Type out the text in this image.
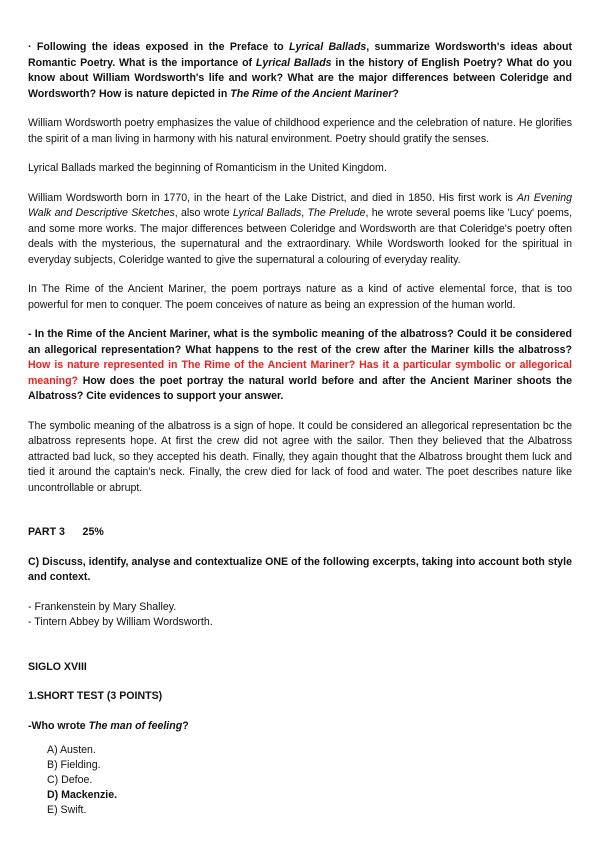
· Following the ideas exposed in the Preface to Lyrical Ballads, summarize Wordsworth's ideas about Romantic Poetry. What is the importance of Lyrical Ballads in the history of English Poetry? What do you know about William Wordsworth's life and work? What are the major differences between Coleridge and Wordsworth? How is nature depicted in The Rime of the Ancient Mariner?

William Wordsworth poetry emphasizes the value of childhood experience and the celebration of nature. He glorifies the spirit of a man living in harmony with his natural environment. Poetry should gratify the senses.

Lyrical Ballads marked the beginning of Romanticism in the United Kingdom.

William Wordsworth born in 1770, in the heart of the Lake District, and died in 1850. His first work is An Evening Walk and Descriptive Sketches, also wrote Lyrical Ballads, The Prelude, he wrote several poems like 'Lucy' poems, and some more works. The major differences between Coleridge and Wordsworth are that Coleridge's poetry often deals with the mysterious, the supernatural and the extraordinary. While Wordsworth looked for the spiritual in everyday subjects, Coleridge wanted to give the supernatural a colouring of everyday reality.

In The Rime of the Ancient Mariner, the poem portrays nature as a kind of active elemental force, that is too powerful for men to conquer. The poem conceives of nature as being an expression of the human world.

- In the Rime of the Ancient Mariner, what is the symbolic meaning of the albatross? Could it be considered an allegorical representation? What happens to the rest of the crew after the Mariner kills the albatross? How is nature represented in The Rime of the Ancient Mariner? Has it a particular symbolic or allegorical meaning? How does the poet portray the natural world before and after the Ancient Mariner shoots the Albatross? Cite evidences to support your answer.

The symbolic meaning of the albatross is a sign of hope. It could be considered an allegorical representation bc the albatross represents hope. At first the crew did not agree with the sailor. Then they believed that the Albatross attracted bad luck, so they accepted his death. Finally, they again thought that the Albatross brought them luck and tied it around the captain's neck. Finally, the crew died for lack of food and water. The poet describes nature like uncontrollable or abrupt.

PART 3      25%

C) Discuss, identify, analyse and contextualize ONE of the following excerpts, taking into account both style and context.

- Frankenstein by Mary Shalley.

- Tintern Abbey by William Wordsworth.

SIGLO XVIII

1.SHORT TEST (3 POINTS)

-Who wrote The man of feeling?

A) Austen.
B) Fielding.
C) Defoe.
D) Mackenzie.
E) Swift.
